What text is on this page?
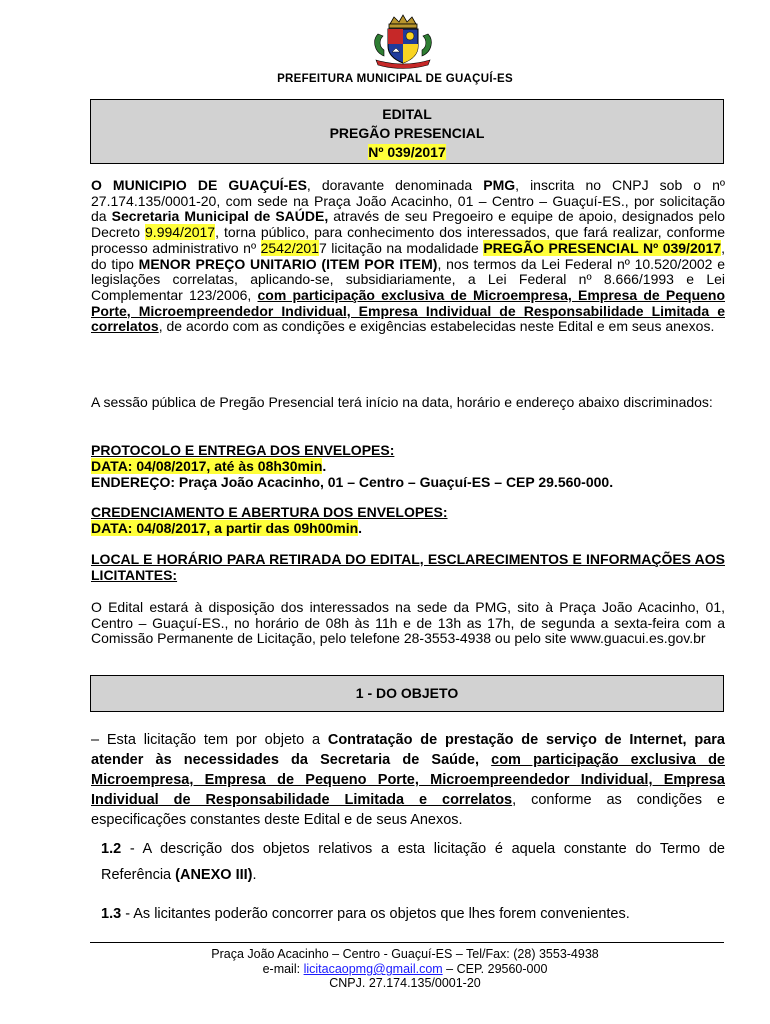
PREFEITURA MUNICIPAL DE GUAÇUÍ-ES
EDITAL
PREGÃO PRESENCIAL
Nº 039/2017
O MUNICIPIO DE GUAÇUÍ-ES, doravante denominada PMG, inscrita no CNPJ sob o nº 27.174.135/0001-20, com sede na Praça João Acacinho, 01 – Centro – Guaçuí-ES., por solicitação da Secretaria Municipal de SAÚDE, através de seu Pregoeiro e equipe de apoio, designados pelo Decreto 9.994/2017, torna público, para conhecimento dos interessados, que fará realizar, conforme processo administrativo nº 2542/2017 licitação na modalidade PREGÃO PRESENCIAL Nº 039/2017, do tipo MENOR PREÇO UNITARIO (ITEM POR ITEM), nos termos da Lei Federal nº 10.520/2002 e legislações correlatas, aplicando-se, subsidiariamente, a Lei Federal nº 8.666/1993 e Lei Complementar 123/2006, com participação exclusiva de Microempresa, Empresa de Pequeno Porte, Microempreendedor Individual, Empresa Individual de Responsabilidade Limitada e correlatos, de acordo com as condições e exigências estabelecidas neste Edital e em seus anexos.
A sessão pública de Pregão Presencial terá início na data, horário e endereço abaixo discriminados:
PROTOCOLO E ENTREGA DOS ENVELOPES:
DATA: 04/08/2017, até às 08h30min.
ENDEREÇO: Praça João Acacinho, 01 – Centro – Guaçuí-ES – CEP 29.560-000.
CREDENCIAMENTO E ABERTURA DOS ENVELOPES:
DATA: 04/08/2017, a partir das 09h00min.
LOCAL E HORÁRIO PARA RETIRADA DO EDITAL, ESCLARECIMENTOS E INFORMAÇÕES AOS LICITANTES:
O Edital estará à disposição dos interessados na sede da PMG, sito à Praça João Acacinho, 01, Centro – Guaçuí-ES., no horário de 08h às 11h e de 13h as 17h, de segunda a sexta-feira com a Comissão Permanente de Licitação, pelo telefone 28-3553-4938 ou pelo site www.guacui.es.gov.br
1 - DO OBJETO
– Esta licitação tem por objeto a Contratação de prestação de serviço de Internet, para atender às necessidades da Secretaria de Saúde, com participação exclusiva de Microempresa, Empresa de Pequeno Porte, Microempreendedor Individual, Empresa Individual de Responsabilidade Limitada e correlatos, conforme as condições e especificações constantes deste Edital e de seus Anexos.
1.2 - A descrição dos objetos relativos a esta licitação é aquela constante do Termo de Referência (ANEXO III).
1.3 - As licitantes poderão concorrer para os objetos que lhes forem convenientes.
Praça João Acacinho – Centro - Guaçuí-ES – Tel/Fax: (28) 3553-4938
e-mail: licitacaopmg@gmail.com – CEP. 29560-000
CNPJ. 27.174.135/0001-20
